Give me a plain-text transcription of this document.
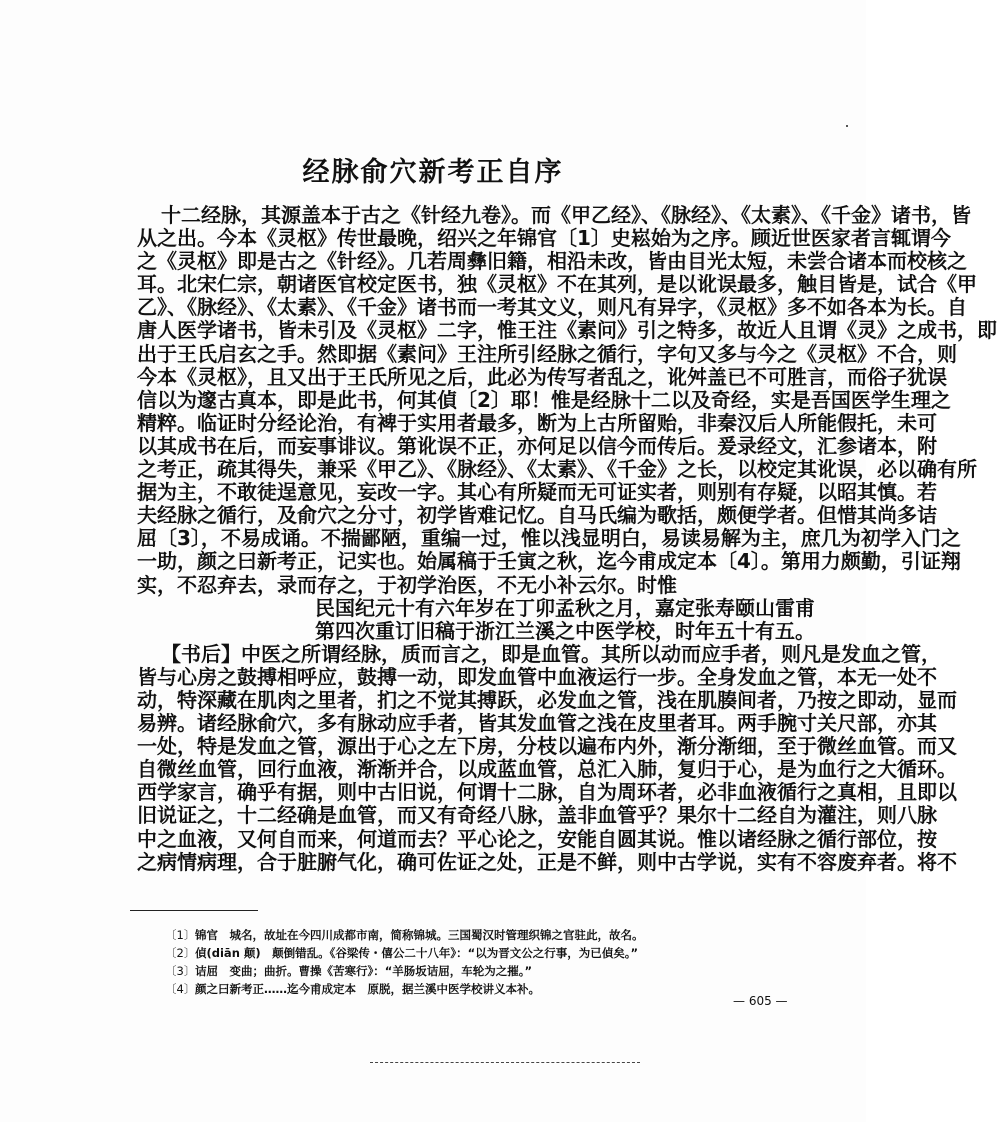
经脉俞穴新考正自序
十二经脉，其源盖本于古之《针经九卷》。而《甲乙经》、《脉经》、《太素》、《千金》诸书，皆
从之出。今本《灵枢》传世最晚，绍兴之年锦官〔1〕史崧始为之序。顾近世医家者言辄谓今
之《灵枢》即是古之《针经》。几若周彝旧籍，相沿未改，皆由目光太短，未尝合诸本而校核之
耳。北宋仁宗，朝诸医官校定医书，独《灵枢》不在其列，是以讹误最多，触目皆是，试合《甲
乙》、《脉经》、《太素》、《千金》诸书而一考其文义，则凡有异字，《灵枢》多不如各本为长。自
唐人医学诸书，皆未引及《灵枢》二字，惟王注《素问》引之特多，故近人且谓《灵》之成书，即
出于王氏启玄之手。然即据《素问》王注所引经脉之循行，字句又多与今之《灵枢》不合，则
今本《灵枢》，且又出于王氏所见之后，此必为传写者乱之，讹舛盖已不可胜言，而俗子犹误
信以为邃古真本，即是此书，何其偵〔2〕耶！惟是经脉十二以及奇经，实是吾国医学生理之
精粹。临证时分经论治，有裨于实用者最多，断为上古所留贻，非秦汉后人所能假托，未可
以其成书在后，而妄事诽议。第讹误不正，亦何足以信今而传后。爰录经文，汇参诸本，附
之考正，疏其得失，兼采《甲乙》、《脉经》、《太素》、《千金》之长，以校定其讹误，必以确有所
据为主，不敢徒逞意见，妄改一字。其心有所疑而无可证实者，则别有存疑，以昭其慎。若
夫经脉之循行，及俞穴之分寸，初学皆难记忆。自马氏编为歌括，颇便学者。但惜其尚多诘
屈〔3〕，不易成诵。不揣鄙陋，重编一过，惟以浅显明白，易读易解为主，庶几为初学入门之
一助，颜之曰新考正，记实也。始属稿于壬寅之秋，迄今甫成定本〔4〕。第用力颇勤，引证翔
实，不忍弃去，录而存之，于初学治医，不无小补云尔。时惟
民国纪元十有六年岁在丁卯孟秋之月，嘉定张寿颐山雷甫
第四次重订旧稿于浙江兰溪之中医学校，时年五十有五。
【书后】中医之所谓经脉，质而言之，即是血管。其所以动而应手者，则凡是发血之管，
皆与心房之鼓搏相呼应，鼓搏一动，即发血管中血液运行一步。全身发血之管，本无一处不
动，特深藏在肌肉之里者，扪之不觉其搏跃，必发血之管，浅在肌腠间者，乃按之即动，显而
易辨。诸经脉俞穴，多有脉动应手者，皆其发血管之浅在皮里者耳。两手腕寸关尺部，亦其
一处，特是发血之管，源出于心之左下房，分枝以遍布内外，渐分渐细，至于微丝血管。而又
自微丝血管，回行血液，渐渐并合，以成蓝血管，总汇入肺，复归于心，是为血行之大循环。
西学家言，确乎有据，则中古旧说，何谓十二脉，自为周环者，必非血液循行之真相，且即以
旧说证之，十二经确是血管，而又有奇经八脉，盖非血管乎？果尔十二经自为灌注，则八脉
中之血液，又何自而来，何道而去？平心论之，安能自圆其说。惟以诸经脉之循行部位，按
之病情病理，合于脏腑气化，确可佐证之处，正是不鲜，则中古学说，实有不容废弃者。将不
〔1〕锦官　城名，故址在今四川成都市南，简称锦城。三国蜀汉时管理织锦之官驻此，故名。
〔2〕偵(diān 颠)　颠倒错乱。《谷梁传・僖公二十八年》：“以为晋文公之行事，为已偵矣。”
〔3〕诘屈　变曲；曲折。曹操《苦寒行》：“羊肠坂诘屈，车轮为之摧。”
〔4〕颜之曰新考正……迄今甫成定本　原脱，据兰溪中医学校讲义本补。
— 605 —
